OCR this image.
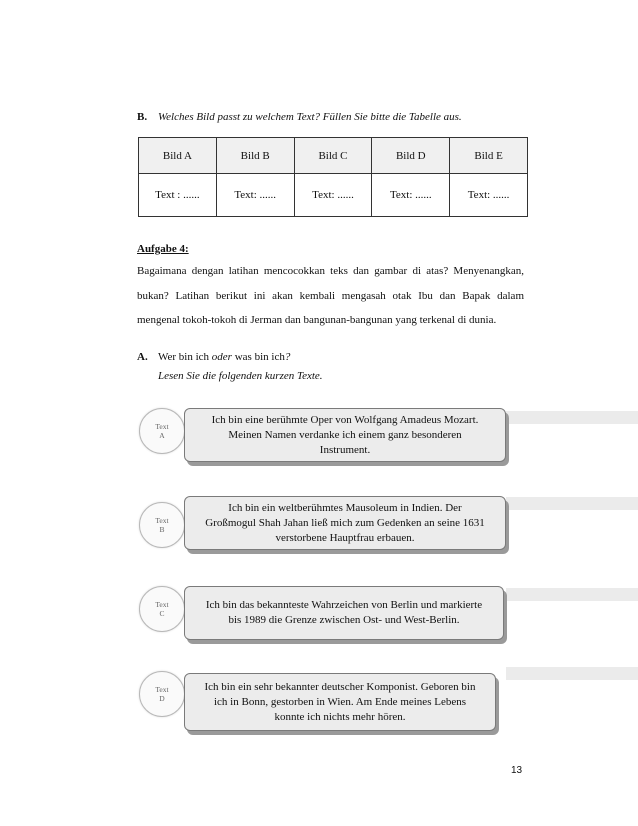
B. Welches Bild passt zu welchem Text? Füllen Sie bitte die Tabelle aus.
Bild A	Bild B	Bild C	Bild D	Bild E
Text : ......	Text: ......	Text: ......	Text: ......	Text: ......
Aufgabe 4:
Bagaimana dengan latihan mencocokkan teks dan gambar di atas? Menyenangkan,
bukan? Latihan berikut ini akan kembali mengasah otak Ibu dan Bapak dalam
mengenal tokoh-tokoh di Jerman dan bangunan-bangunan yang terkenal di dunia.
A. Wer bin ich oder was bin ich?
Lesen Sie die folgenden kurzen Texte.
Text
A
Ich bin eine berühmte Oper von Wolfgang Amadeus Mozart.
Meinen Namen verdanke ich einem ganz besonderen
Instrument.
Text
B
Ich bin ein weltberühmtes Mausoleum in Indien. Der
Großmogul Shah Jahan ließ mich zum Gedenken an seine 1631
verstorbene Hauptfrau erbauen.
Text
C
Ich bin das bekannteste Wahrzeichen von Berlin und markierte
bis 1989 die Grenze zwischen Ost- und West-Berlin.
Text
D
Ich bin ein sehr bekannter deutscher Komponist. Geboren bin
ich in Bonn, gestorben in Wien. Am Ende meines Lebens
konnte ich nichts mehr hören.
13
